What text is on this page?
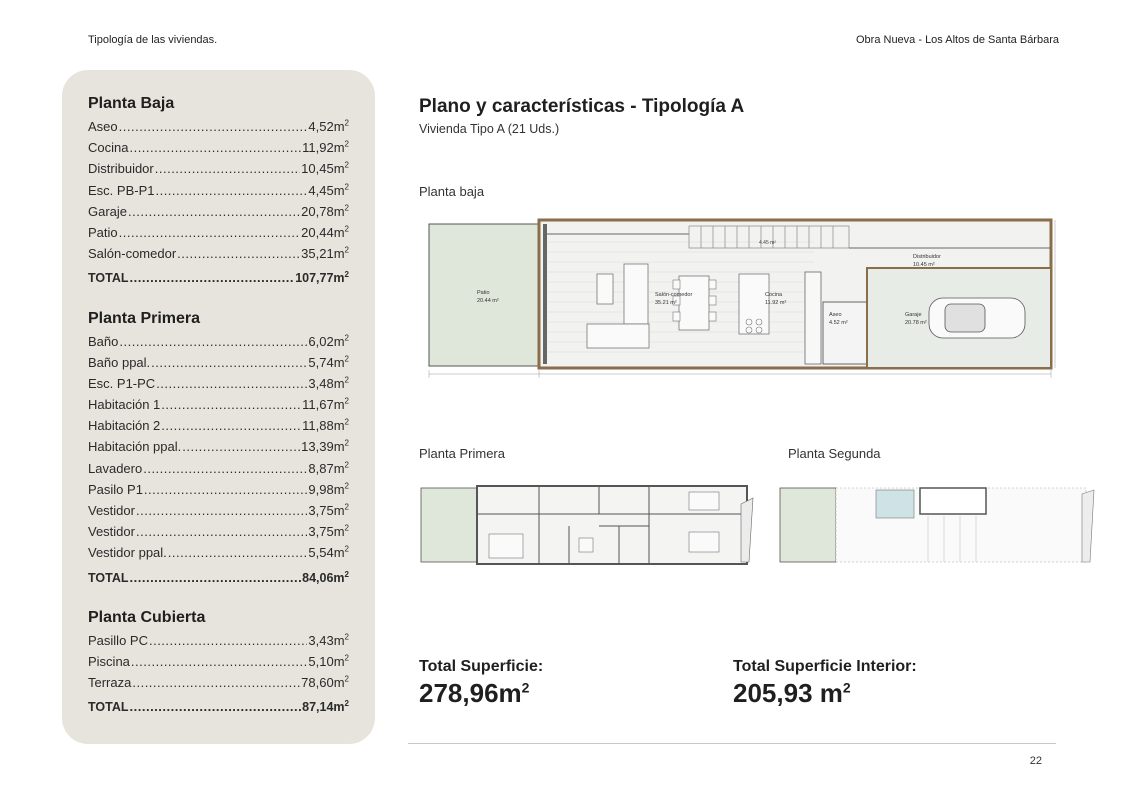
Tipología de las viviendas.	Obra Nueva - Los Altos de Santa Bárbara
Planta Baja
Aseo .....	$4,52m^2$
Cocina .....	$11,92m^2$
Distribuidor .....	$10,45m^2$
Esc. PB-P1 .....	$4,45m^2$
Garaje .....	$20,78m^2$
Patio .....	$20,44m^2$
Salón-comedor .....	$35,21m^2$
TOTAL .....	$107,77m^2$
Planta Primera
Baño .....	$6,02m^2$
Baño ppal. .....	$5,74m^2$
Esc. P1-PC .....	$3,48m^2$
Habitación 1 .....	$11,67m^2$
Habitación 2 .....	$11,88m^2$
Habitación ppal. .....	$13,39m^2$
Lavadero .....	$8,87m^2$
Pasilo P1 .....	$9,98m^2$
Vestidor .....	$3,75m^2$
Vestidor .....	$3,75m^2$
Vestidor ppal. .....	$5,54m^2$
TOTAL .....	$84,06m^2$
Planta Cubierta
Pasillo PC .....	$3,43m^2$
Piscina .....	$5,10m^2$
Terraza .....	$78,60m^2$
TOTAL .....	$87,14m^2$
Plano y características - Tipología A
Vivienda Tipo A (21 Uds.)
Planta baja
4.45 m²
Patio
20.44 m²
Salón-comedor
35.21 m²
Cocina
11.92 m²
Aseo
4.52 m²
Distribuidor
10.45 m²
Garaje
20.78 m²
Planta Primera	Planta Segunda
Total Superficie:
$278,96m^2$
Total Superficie Interior:
205,93 $m^2$
22
